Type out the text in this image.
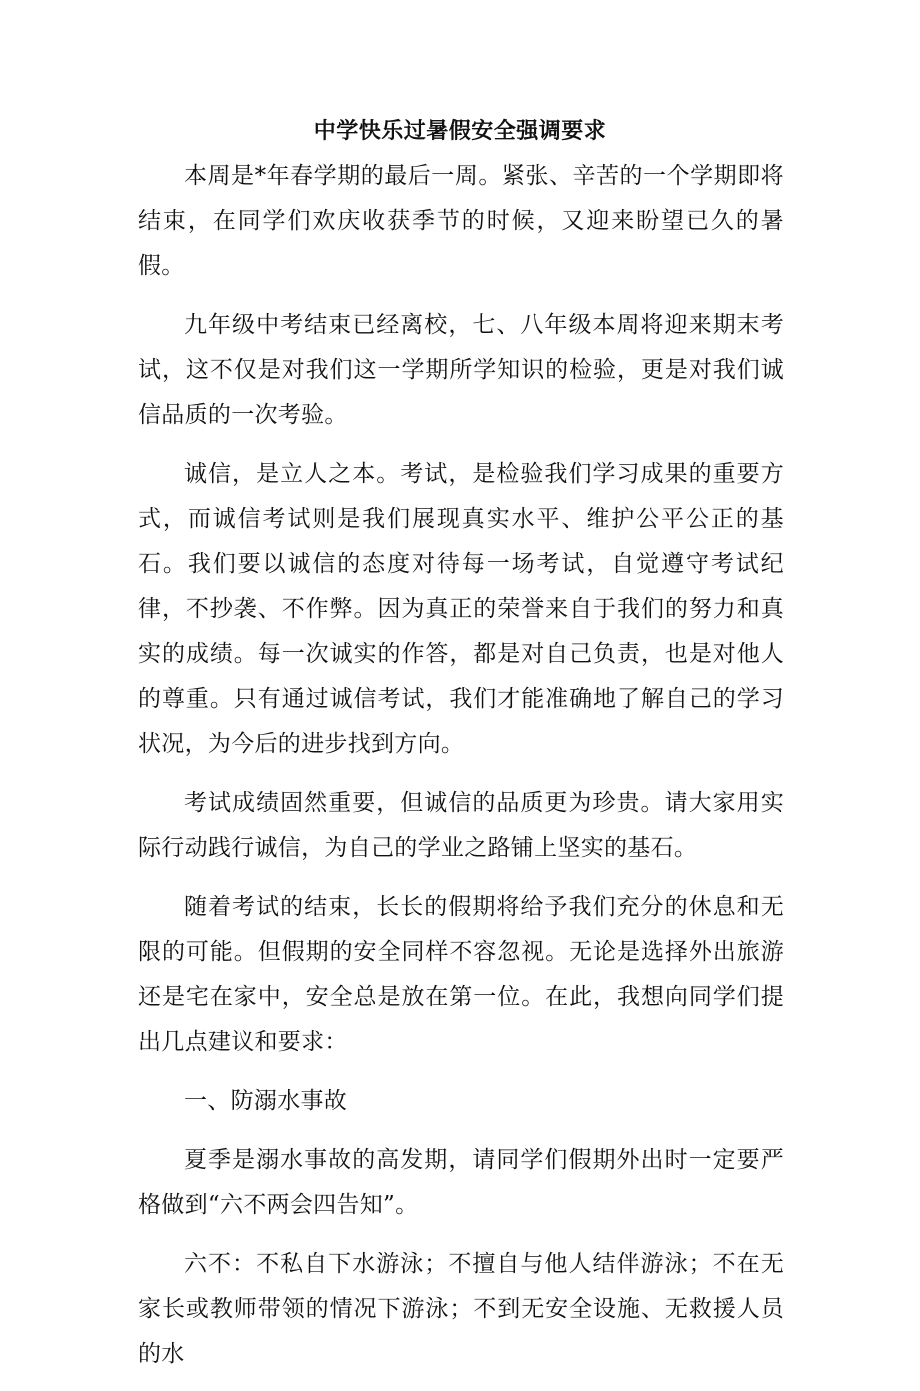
中学快乐过暑假安全强调要求

本周是*年春学期的最后一周。紧张、辛苦的一个学期即将结束，在同学们欢庆收获季节的时候，又迎来盼望已久的暑假。

九年级中考结束已经离校，七、八年级本周将迎来期末考试，这不仅是对我们这一学期所学知识的检验，更是对我们诚信品质的一次考验。

诚信，是立人之本。考试，是检验我们学习成果的重要方式，而诚信考试则是我们展现真实水平、维护公平公正的基石。我们要以诚信的态度对待每一场考试，自觉遵守考试纪律，不抄袭、不作弊。因为真正的荣誉来自于我们的努力和真实的成绩。每一次诚实的作答，都是对自己负责，也是对他人的尊重。只有通过诚信考试，我们才能准确地了解自己的学习状况，为今后的进步找到方向。

考试成绩固然重要，但诚信的品质更为珍贵。请大家用实际行动践行诚信，为自己的学业之路铺上坚实的基石。

随着考试的结束，长长的假期将给予我们充分的休息和无限的可能。但假期的安全同样不容忽视。无论是选择外出旅游还是宅在家中，安全总是放在第一位。在此，我想向同学们提出几点建议和要求：

一、防溺水事故

夏季是溺水事故的高发期，请同学们假期外出时一定要严格做到“六不两会四告知”。

六不：不私自下水游泳；不擅自与他人结伴游泳；不在无家长或教师带领的情况下游泳；不到无安全设施、无救援人员的水
